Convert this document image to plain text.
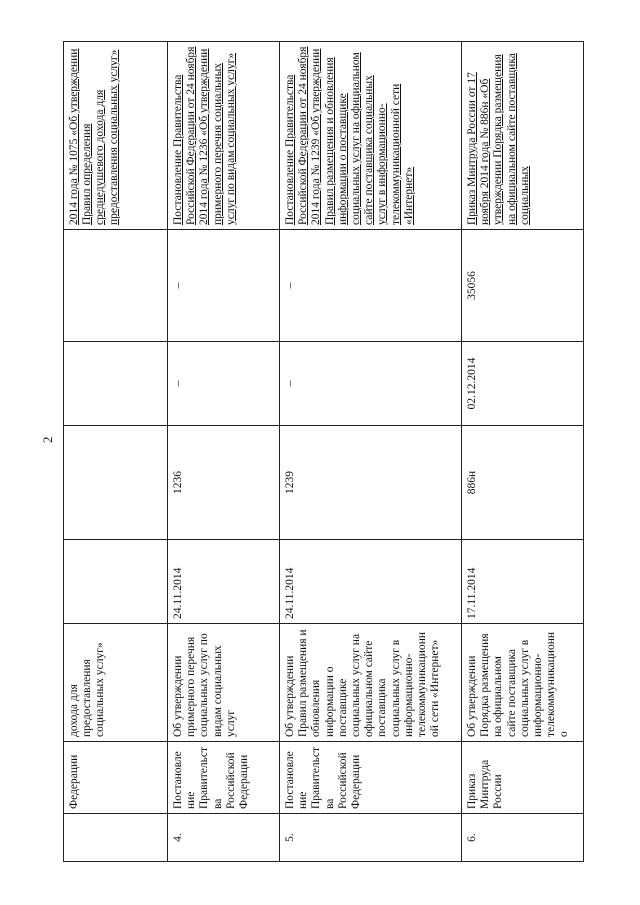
2
	Федерации	дохода для предоставления социальных услуг»					2014 года № 1075 «Об утверждении Правил определения среднедушевого дохода для предоставления социальных услуг»
4.	Постановление Правительства Российской Федерации	Об утверждении примерного перечня социальных услуг по видам социальных услуг	24.11.2014	1236	–	–	Постановление Правительства Российской Федерации от 24 ноября 2014 года № 1236 «Об утверждении примерного перечня социальных услуг по видам социальных услуг»
5.	Постановление Правительства Российской Федерации	Об утверждении Правил размещения и обновления информации о поставщике социальных услуг на официальном сайте поставщика социальных услуг в информационно-телекоммуникационной сети «Интернет»	24.11.2014	1239	–	–	Постановление Правительства Российской Федерации от 24 ноября 2014 года № 1239 «Об утверждении Правил размещения и обновления информации о поставщике социальных услуг на официальном сайте поставщика социальных услуг в информационно-телекоммуникационной сети «Интернет»
6.	Приказ Минтруда России	Об утверждении Порядка размещения на официальном сайте поставщика социальных услуг в информационно-телекоммуникационно	17.11.2014	886н	02.12.2014	35056	Приказ Минтруда России от 17 ноября 2014 года № 886н «Об утверждении Порядка размещения на официальном сайте поставщика социальных
